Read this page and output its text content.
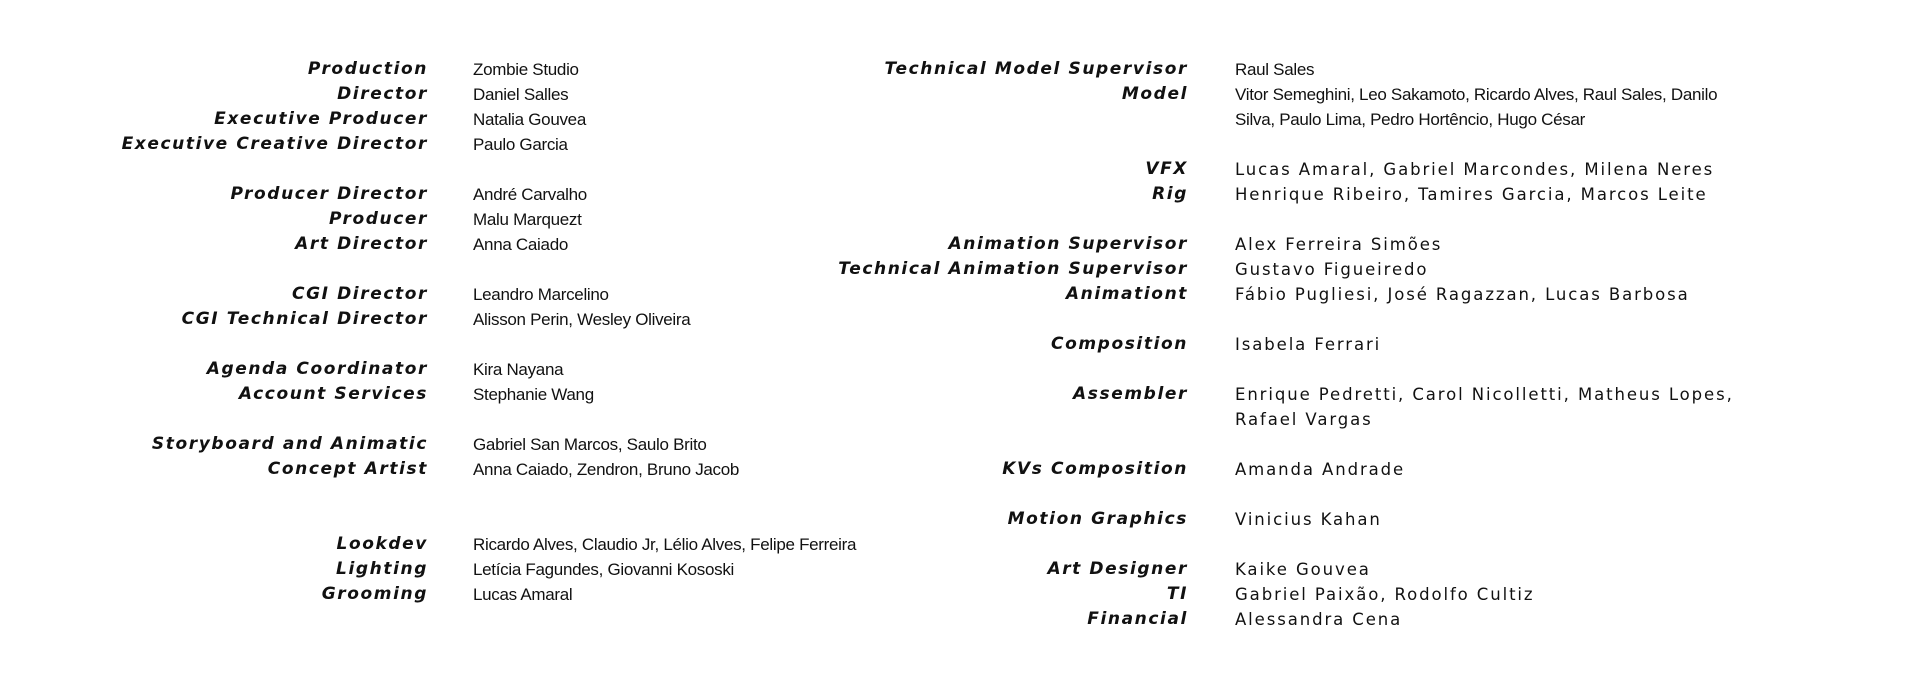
Production	Zombie Studio
Director	Daniel Salles
Executive Producer	Natalia Gouvea
Executive Creative Director	Paulo Garcia
Producer Director	André Carvalho
Producer	Malu Marquezt
Art Director	Anna Caiado
CGI Director	Leandro Marcelino
CGI Technical Director	Alisson Perin, Wesley Oliveira
Agenda Coordinator	Kira Nayana
Account Services	Stephanie Wang
Storyboard and Animatic	Gabriel San Marcos, Saulo Brito
Concept Artist	Anna Caiado, Zendron, Bruno Jacob
Lookdev	Ricardo Alves, Claudio Jr, Lélio Alves, Felipe Ferreira
Lighting	Letícia Fagundes, Giovanni Kososki
Grooming	Lucas Amaral
Technical Model Supervisor	Raul Sales
Model	Vitor Semeghini, Leo Sakamoto, Ricardo Alves, Raul Sales, Danilo Silva, Paulo Lima, Pedro Hortêncio, Hugo César
VFX	Lucas Amaral, Gabriel Marcondes, Milena Neres
Rig	Henrique Ribeiro, Tamires Garcia, Marcos Leite
Animation Supervisor	Alex Ferreira Simões
Technical Animation Supervisor	Gustavo Figueiredo
Animationt	Fábio Pugliesi, José Ragazzan, Lucas Barbosa
Composition	Isabela Ferrari
Assembler	Enrique Pedretti, Carol Nicolletti, Matheus Lopes, Rafael Vargas
KVs Composition	Amanda Andrade
Motion Graphics	Vinicius Kahan
Art Designer	Kaike Gouvea
TI	Gabriel Paixão, Rodolfo Cultiz
Financial	Alessandra Cena
